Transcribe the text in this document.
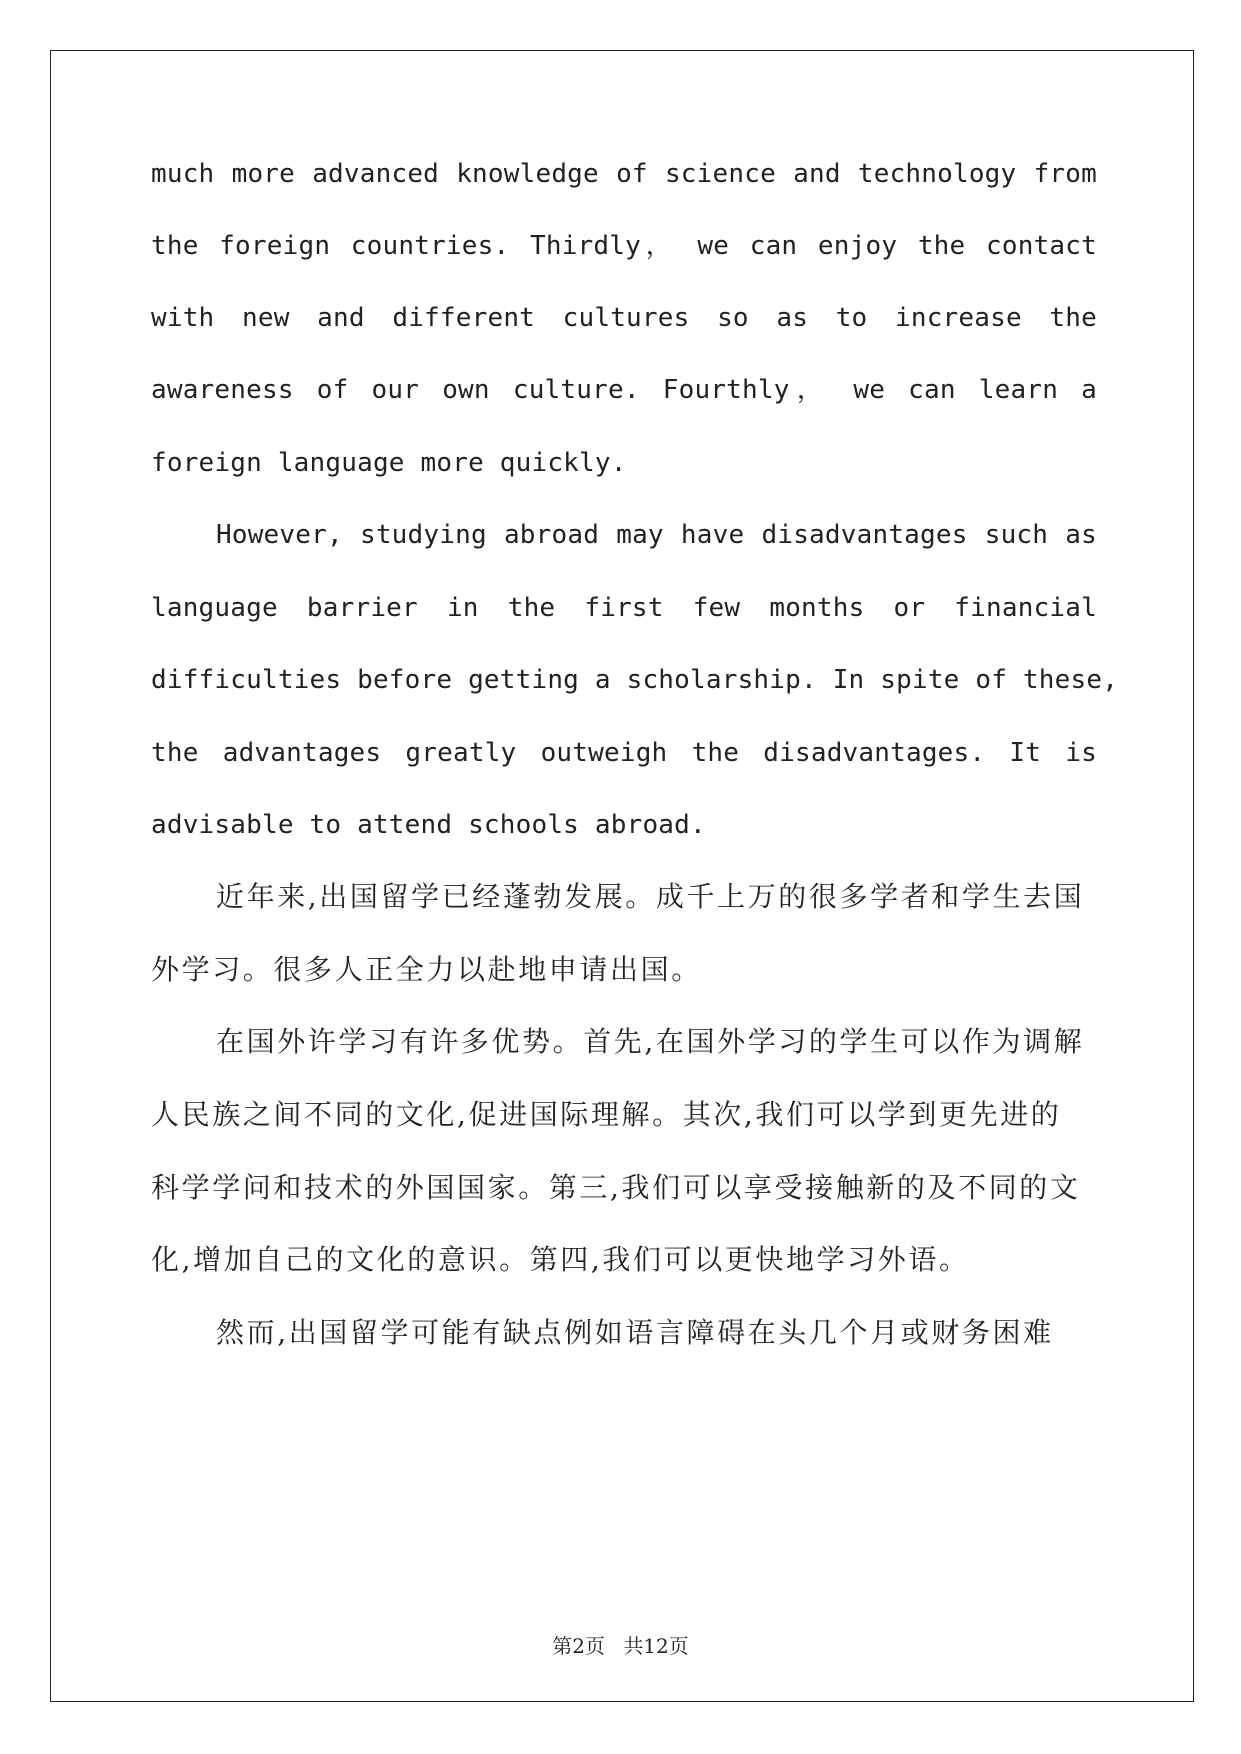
much more advanced knowledge of science and technology from
the foreign countries. Thirdly， we can enjoy the contact
with new and different cultures so as to increase the
awareness of our own culture. Fourthly， we can learn a
foreign language more quickly.
However, studying abroad may have disadvantages such as
language barrier in the first few months or financial
difficulties before getting a scholarship. In spite of these,
the advantages greatly outweigh the disadvantages. It is
advisable to attend schools abroad.
近年来,出国留学已经蓬勃发展。成千上万的很多学者和学生去国
外学习。很多人正全力以赴地申请出国。
在国外许学习有许多优势。首先,在国外学习的学生可以作为调解
人民族之间不同的文化,促进国际理解。其次,我们可以学到更先进的
科学学问和技术的外国国家。第三,我们可以享受接触新的及不同的文
化,增加自己的文化的意识。第四,我们可以更快地学习外语。
然而,出国留学可能有缺点例如语言障碍在头几个月或财务困难
第2页 共12页
